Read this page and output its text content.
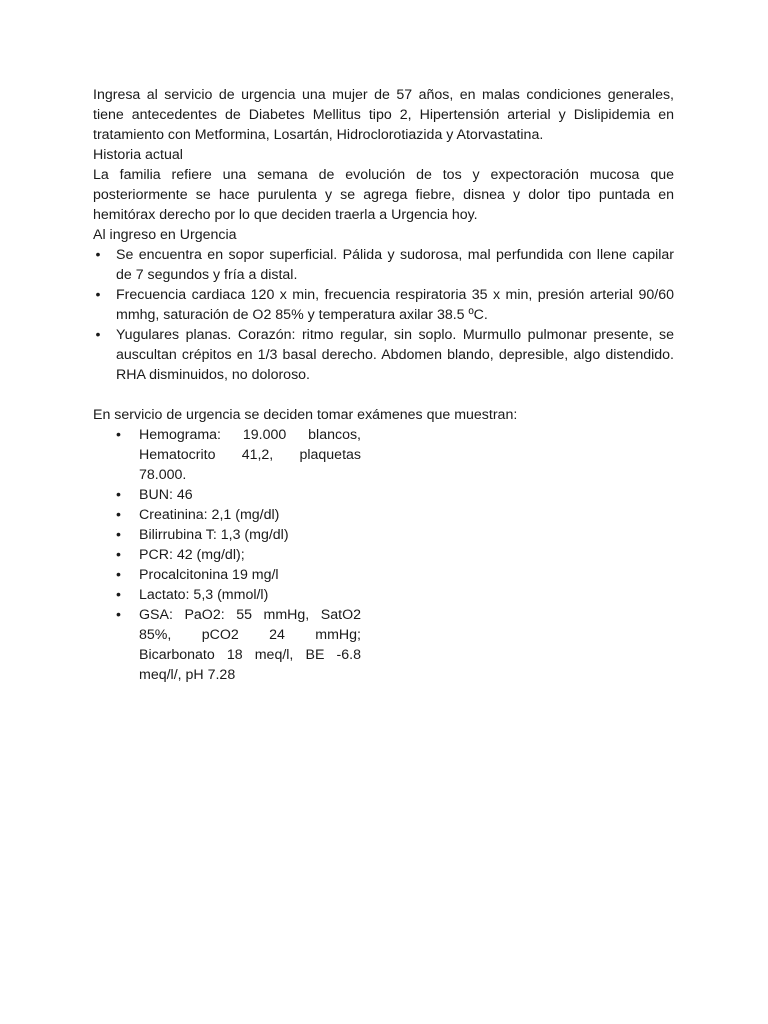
Ingresa al servicio de urgencia una mujer de 57 años, en malas condiciones generales, tiene antecedentes de Diabetes Mellitus tipo 2, Hipertensión arterial y Dislipidemia en tratamiento con Metformina, Losartán, Hidroclorotiazida y Atorvastatina.

Historia actual

La familia refiere una semana de evolución de tos y expectoración mucosa que posteriormente se hace purulenta y se agrega fiebre, disnea y dolor tipo puntada en hemitórax derecho por lo que deciden traerla a Urgencia hoy.

Al ingreso en Urgencia

• Se encuentra en sopor superficial. Pálida y sudorosa, mal perfundida con llene capilar de 7 segundos y fría a distal.
• Frecuencia cardiaca 120 x min, frecuencia respiratoria 35 x min, presión arterial 90/60 mmhg, saturación de O2 85% y temperatura axilar 38.5 ºC.
• Yugulares planas. Corazón: ritmo regular, sin soplo. Murmullo pulmonar presente, se auscultan crépitos en 1/3 basal derecho. Abdomen blando, depresible, algo distendido. RHA disminuidos, no doloroso.

En servicio de urgencia se deciden tomar exámenes que muestran:

•	Hemograma: 19.000 blancos,
Hematocrito 41,2, plaquetas
78.000.
•	BUN: 46
•	Creatinina: 2,1 (mg/dl)
•	Bilirrubina T: 1,3 (mg/dl)
•	PCR: 42 (mg/dl);
•	Procalcitonina 19 mg/l
•	Lactato: 5,3 (mmol/l)
•	GSA: PaO2: 55 mmHg, SatO2
85%, pCO2 24 mmHg;
Bicarbonato 18 meq/l, BE -6.8
meq/l/, pH 7.28
